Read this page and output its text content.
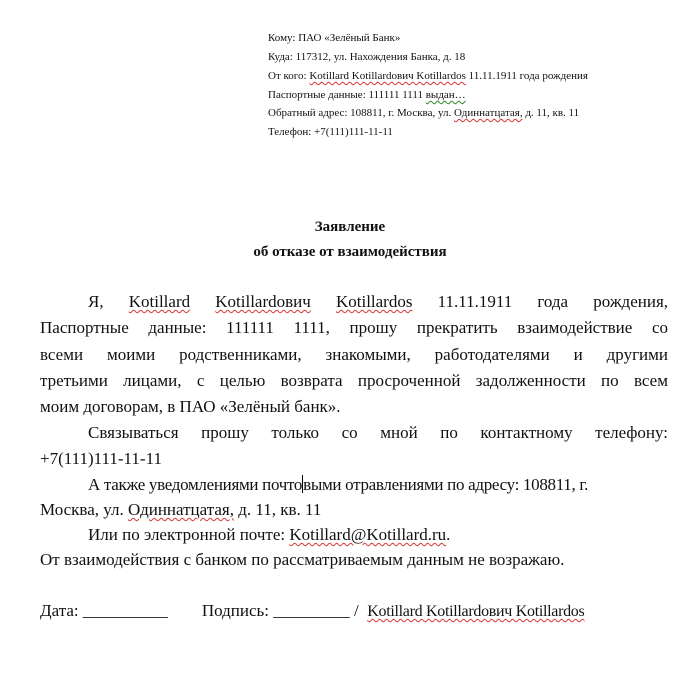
Кому: ПАО «Зелёный Банк»
Куда: 117312, ул. Нахождения Банка, д. 18
От кого: Kotillard Kotillardович Kotillardos 11.11.1911 года рождения
Паспортные данные: 111111 1111 выдан…
Обратный адрес: 108811, г. Москва, ул. Одиннатцатая, д. 11, кв. 11
Телефон: +7(111)111-11-11
Заявление
об отказе от взаимодействия
Я, Kotillard Kotillardович Kotillardos 11.11.1911 года рождения,
Паспортные данные: 111111 1111, прошу прекратить взаимодействие со
всеми моими родственниками, знакомыми, работодателями и другими
третьими лицами, с целью возврата просроченной задолженности по всем
моим договорам, в ПАО «Зелёный банк».
Связываться прошу только со мной по контактному телефону:
+7(111)111-11-11
А также уведомлениями почтовыми отравлениями по адресу: 108811, г.
Москва, ул. Одиннатцатая, д. 11, кв. 11
Или по электронной почте: Kotillard@Kotillard.ru.
От взаимодействия с банком по рассматриваемым данным не возражаю.
Дата: __________ Подпись: _________ / Kotillard Kotillardович Kotillardos
